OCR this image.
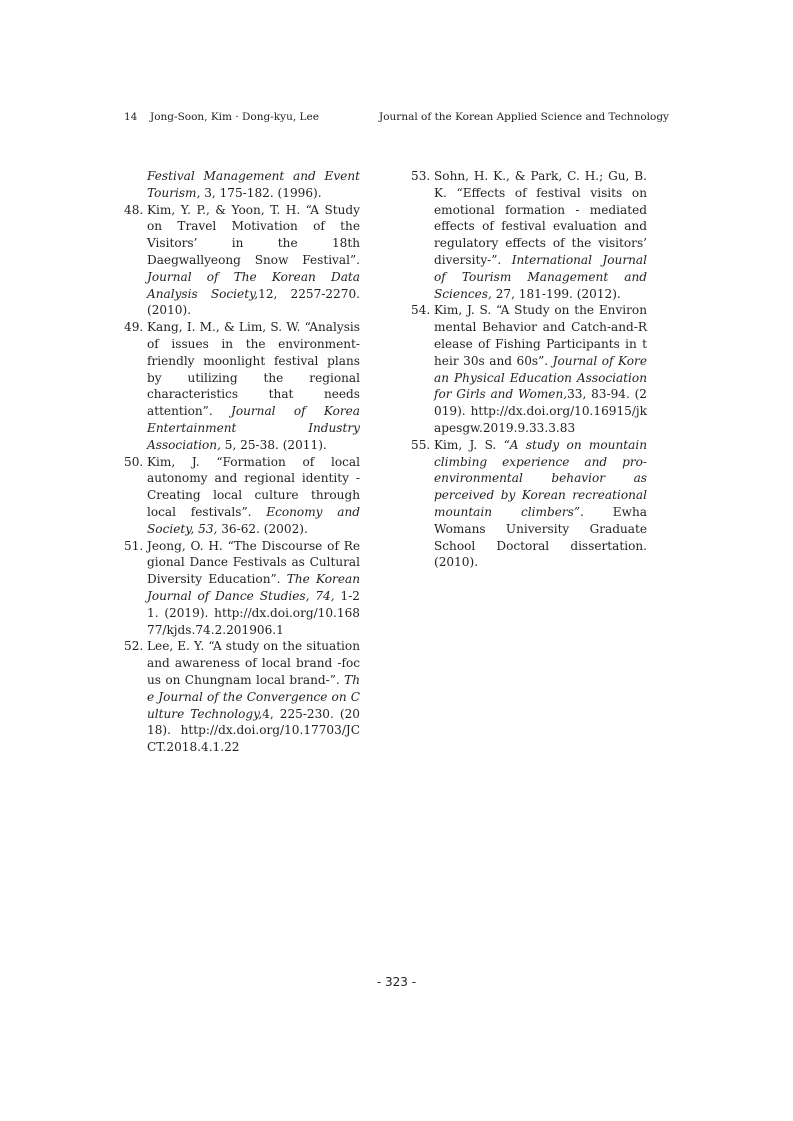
14 Jong-Soon, Kim · Dong-kyu, Lee	Journal of the Korean Applied Science and Technology
Festival Management and Event Tourism, 3, 175-182. (1996).
48. Kim, Y. P., & Yoon, T. H. “A Study on Travel Motivation of the Visitors’ in the 18th Daegwallyeong Snow Festival”. Journal of The Korean Data Analysis Society,12, 2257-2270. (2010).
49. Kang, I. M., & Lim, S. W. “Analysis of issues in the environment-friendly moonlight festival plans by utilizing the regional characteristics that needs attention”. Journal of Korea Entertainment Industry Association, 5, 25-38. (2011).
50. Kim, J. “Formation of local autonomy and regional identity - Creating local culture through local festivals”. Economy and Society, 53, 36-62. (2002).
51. Jeong, O. H. “The Discourse of Regional Dance Festivals as Cultural Diversity Education”. The Korean Journal of Dance Studies, 74, 1-21. (2019). http://dx.doi.org/10.16877/kjds.74.2.201906.1
52. Lee, E. Y. “A study on the situation and awareness of local brand -focus on Chungnam local brand-”. The Journal of the Convergence on Culture Technology,4, 225-230. (2018). http://dx.doi.org/10.17703/JCCT.2018.4.1.22
53. Sohn, H. K., & Park, C. H.; Gu, B. K. “Effects of festival visits on emotional formation - mediated effects of festival evaluation and regulatory effects of the visitors’ diversity-”. International Journal of Tourism Management and Sciences, 27, 181-199. (2012).
54. Kim, J. S. “A Study on the Environmental Behavior and Catch-and-Release of Fishing Participants in their 30s and 60s”. Journal of Korean Physical Education Association for Girls and Women,33, 83-94. (2019). http://dx.doi.org/10.16915/jkapesgw.2019.9.33.3.83
55. Kim, J. S. “A study on mountain climbing experience and pro-environmental behavior as perceived by Korean recreational mountain climbers”. Ewha Womans University Graduate School Doctoral dissertation. (2010).
- 323 -
